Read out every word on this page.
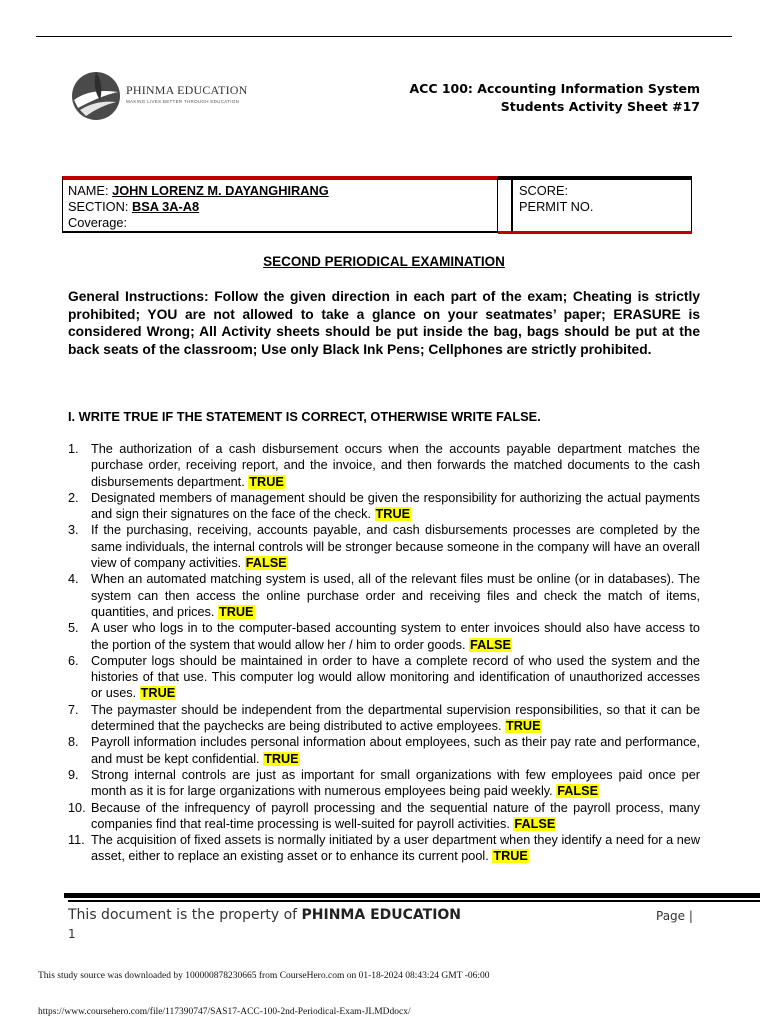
PHINMA EDUCATION
MAKING LIVES BETTER THROUGH EDUCATION
ACC 100: Accounting Information System
Students Activity Sheet #17
NAME: JOHN LORENZ M. DAYANGHIRANG
SECTION: BSA 3A-A8
Coverage:
SCORE:
PERMIT NO.
SECOND PERIODICAL EXAMINATION
General Instructions: Follow the given direction in each part of the exam; Cheating is strictly prohibited; YOU are not allowed to take a glance on your seatmates’ paper; ERASURE is considered Wrong; All Activity sheets should be put inside the bag, bags should be put at the back seats of the classroom; Use only Black Ink Pens; Cellphones are strictly prohibited.
I. WRITE TRUE IF THE STATEMENT IS CORRECT, OTHERWISE WRITE FALSE.
1. The authorization of a cash disbursement occurs when the accounts payable department matches the purchase order, receiving report, and the invoice, and then forwards the matched documents to the cash disbursements department. TRUE
2. Designated members of management should be given the responsibility for authorizing the actual payments and sign their signatures on the face of the check. TRUE
3. If the purchasing, receiving, accounts payable, and cash disbursements processes are completed by the same individuals, the internal controls will be stronger because someone in the company will have an overall view of company activities. FALSE
4. When an automated matching system is used, all of the relevant files must be online (or in databases). The system can then access the online purchase order and receiving files and check the match of items, quantities, and prices. TRUE
5. A user who logs in to the computer-based accounting system to enter invoices should also have access to the portion of the system that would allow her / him to order goods. FALSE
6. Computer logs should be maintained in order to have a complete record of who used the system and the histories of that use. This computer log would allow monitoring and identification of unauthorized accesses or uses. TRUE
7. The paymaster should be independent from the departmental supervision responsibilities, so that it can be determined that the paychecks are being distributed to active employees. TRUE
8. Payroll information includes personal information about employees, such as their pay rate and performance, and must be kept confidential. TRUE
9. Strong internal controls are just as important for small organizations with few employees paid once per month as it is for large organizations with numerous employees being paid weekly. FALSE
10. Because of the infrequency of payroll processing and the sequential nature of the payroll process, many companies find that real-time processing is well-suited for payroll activities. FALSE
11. The acquisition of fixed assets is normally initiated by a user department when they identify a need for a new asset, either to replace an existing asset or to enhance its current pool. TRUE
This document is the property of PHINMA EDUCATION	Page |
1
This study source was downloaded by 100000878230665 from CourseHero.com on 01-18-2024 08:43:24 GMT -06:00
https://www.coursehero.com/file/117390747/SAS17-ACC-100-2nd-Periodical-Exam-JLMDdocx/
